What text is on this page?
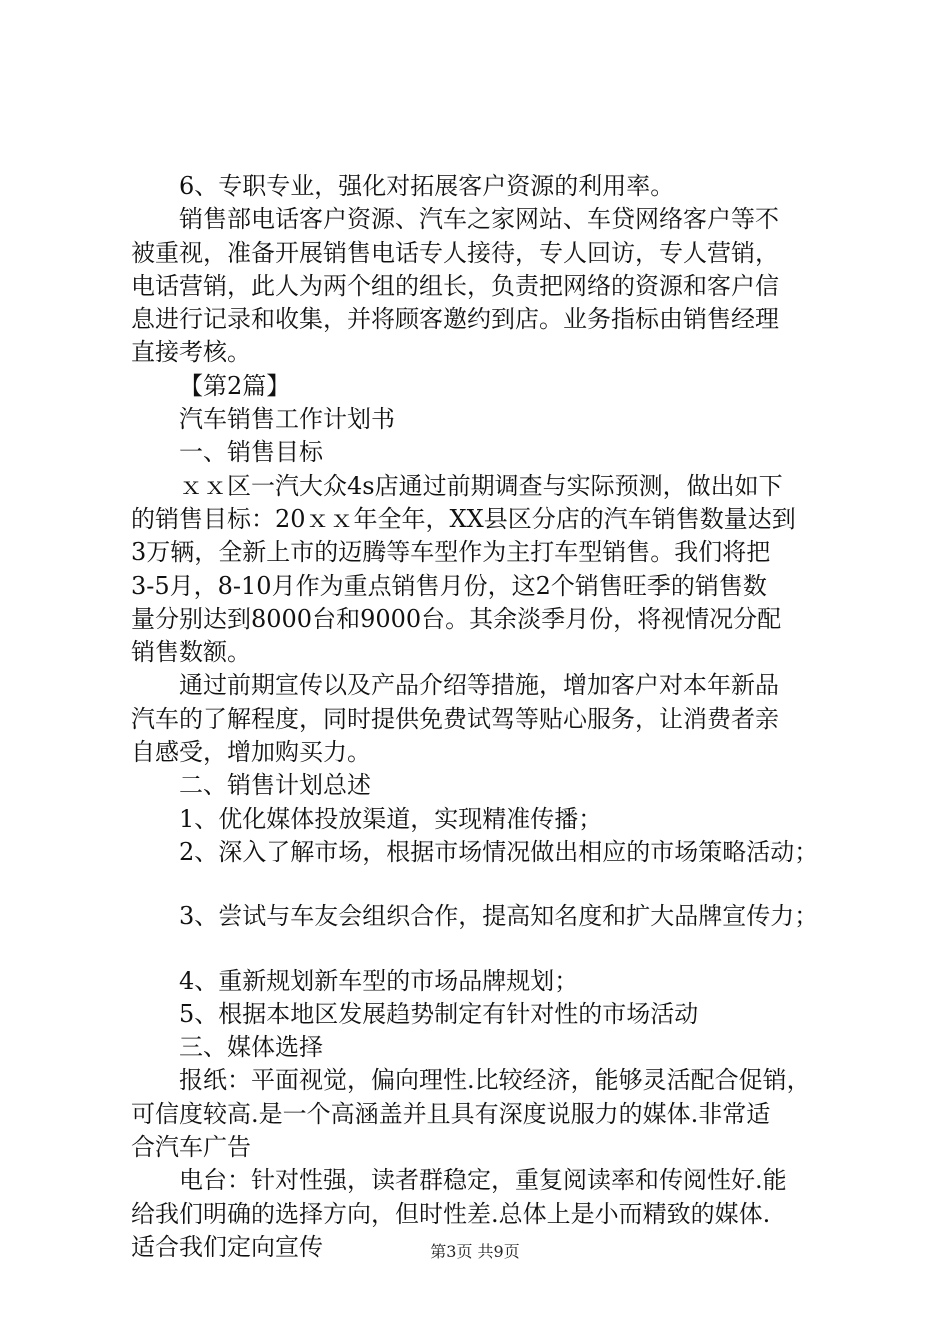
6、专职专业，强化对拓展客户资源的利用率。

销售部电话客户资源、汽车之家网站、车贷网络客户等不

被重视，准备开展销售电话专人接待，专人回访，专人营销，

电话营销，此人为两个组的组长，负责把网络的资源和客户信

息进行记录和收集，并将顾客邀约到店。业务指标由销售经理

直接考核。

【第2篇】

汽车销售工作计划书

一、销售目标

ｘｘ区一汽大众4s店通过前期调查与实际预测，做出如下

的销售目标：20ｘｘ年全年，XX县区分店的汽车销售数量达到

3万辆，全新上市的迈腾等车型作为主打车型销售。我们将把

3-5月，8-10月作为重点销售月份，这2个销售旺季的销售数

量分别达到8000台和9000台。其余淡季月份，将视情况分配

销售数额。

通过前期宣传以及产品介绍等措施，增加客户对本年新品

汽车的了解程度，同时提供免费试驾等贴心服务，让消费者亲

自感受，增加购买力。

二、销售计划总述

1、优化媒体投放渠道，实现精准传播；

2、深入了解市场，根据市场情况做出相应的市场策略活动；

3、尝试与车友会组织合作，提高知名度和扩大品牌宣传力；

4、重新规划新车型的市场品牌规划；

5、根据本地区发展趋势制定有针对性的市场活动

三、媒体选择

报纸：平面视觉，偏向理性.比较经济，能够灵活配合促销，

可信度较高.是一个高涵盖并且具有深度说服力的媒体.非常适

合汽车广告

电台：针对性强，读者群稳定，重复阅读率和传阅性好.能

给我们明确的选择方向，但时性差.总体上是小而精致的媒体.

适合我们定向宣传	第3页 共9页
